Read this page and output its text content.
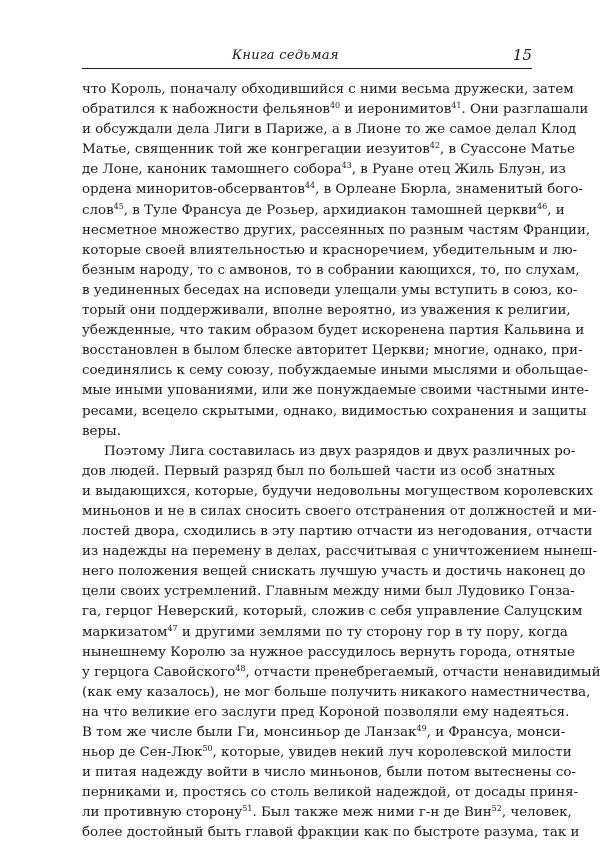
Книга седьмая	15
что Король, поначалу обходившийся с ними весьма дружески, затем
обратился к набожности фельянов$^{40}$ и иеронимитов$^{41}$. Они разглашали
и обсуждали дела Лиги в Париже, а в Лионе то же самое делал Клод
Матье, священник той же конгрегации иезуитов$^{42}$, в Суассоне Матье
де Лоне, каноник тамошнего собора$^{43}$, в Руане отец Жиль Блуэн, из
ордена миноритов-обсервантов$^{44}$, в Орлеане Бюрла, знаменитый бого-
слов$^{45}$, в Туле Франсуа де Розьер, архидиакон тамошней церкви$^{46}$, и
несметное множество других, рассеянных по разным частям Франции,
которые своей влиятельностью и красноречием, убедительным и лю-
безным народу, то с амвонов, то в собрании кающихся, то, по слухам,
в уединенных беседах на исповеди улещали умы вступить в союз, ко-
торый они поддерживали, вполне вероятно, из уважения к религии,
убежденные, что таким образом будет искоренена партия Кальвина и
восстановлен в былом блеске авторитет Церкви; многие, однако, при-
соединялись к сему союзу, побуждаемые иными мыслями и обольщае-
мые иными упованиями, или же понуждаемые своими частными инте-
ресами, всецело скрытыми, однако, видимостью сохранения и защиты
веры.
Поэтому Лига составилась из двух разрядов и двух различных ро-
дов людей. Первый разряд был по большей части из особ знатных
и выдающихся, которые, будучи недовольны могуществом королевских
миньонов и не в силах сносить своего отстранения от должностей и ми-
лостей двора, сходились в эту партию отчасти из негодования, отчасти
из надежды на перемену в делах, рассчитывая с уничтожением нынеш-
него положения вещей снискать лучшую участь и достичь наконец до
цели своих устремлений. Главным между ними был Лудовико Гонза-
га, герцог Неверский, который, сложив с себя управление Салуцским
маркизатом$^{47}$ и другими землями по ту сторону гор в ту пору, когда
нынешнему Королю за нужное рассудилось вернуть города, отнятые
у герцога Савойского$^{48}$, отчасти пренебрегаемый, отчасти ненавидимый
(как ему казалось), не мог больше получить никакого наместничества,
на что великие его заслуги пред Короной позволяли ему надеяться.
В том же числе были Ги, монсиньор де Ланзак$^{49}$, и Франсуа, монси-
ньор де Сен-Люк$^{50}$, которые, увидев некий луч королевской милости
и питая надежду войти в число миньонов, были потом вытеснены со-
перниками и, простясь со столь великой надеждой, от досады приня-
ли противную сторону$^{51}$. Был также меж ними г-н де Вин$^{52}$, человек,
более достойный быть главой фракции как по быстроте разума, так и
